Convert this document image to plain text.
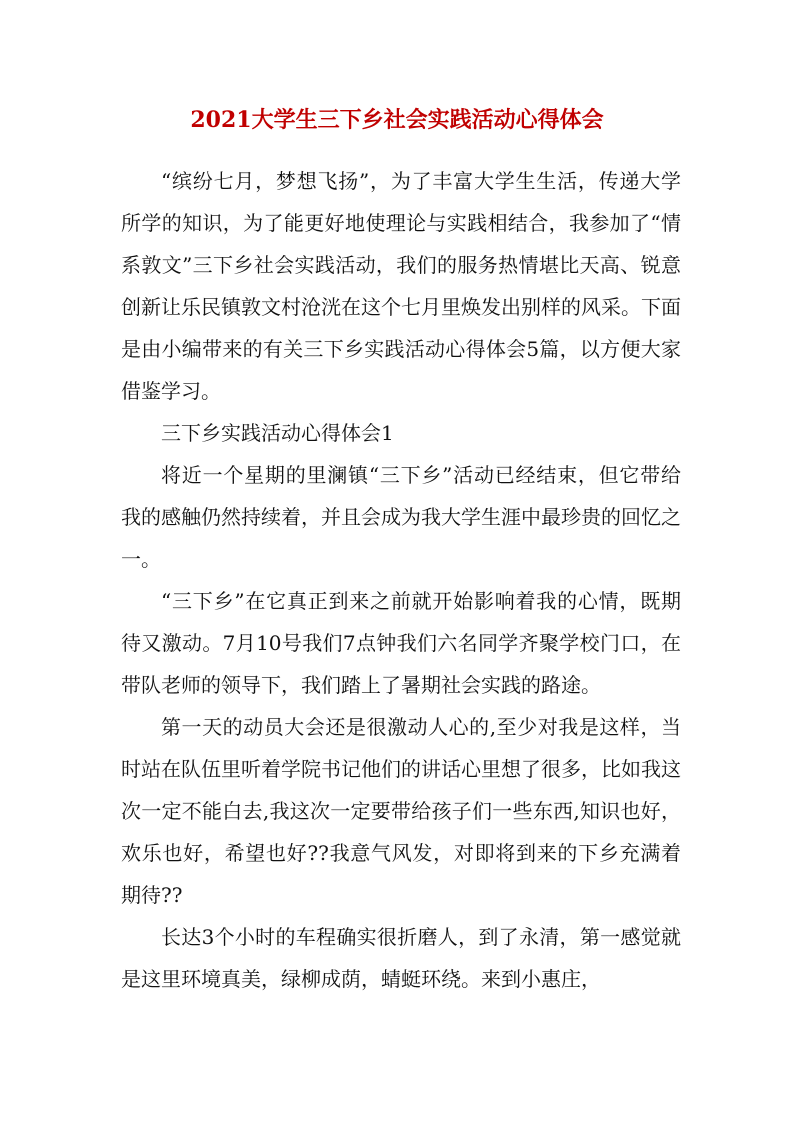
2021大学生三下乡社会实践活动心得体会

“缤纷七月，梦想飞扬”，为了丰富大学生生活，传递大学所学的知识，为了能更好地使理论与实践相结合，我参加了“情系敦文”三下乡社会实践活动，我们的服务热情堪比天高、锐意创新让乐民镇敦文村沧洸在这个七月里焕发出别样的风采。下面是由小编带来的有关三下乡实践活动心得体会5篇，以方便大家借鉴学习。

三下乡实践活动心得体会1

将近一个星期的里澜镇“三下乡”活动已经结束，但它带给我的感触仍然持续着，并且会成为我大学生涯中最珍贵的回忆之一。

“三下乡”在它真正到来之前就开始影响着我的心情，既期待又激动。7月10号我们7点钟我们六名同学齐聚学校门口，在带队老师的领导下，我们踏上了暑期社会实践的路途。

第一天的动员大会还是很激动人心的,至少对我是这样，当时站在队伍里听着学院书记他们的讲话心里想了很多，比如我这次一定不能白去,我这次一定要带给孩子们一些东西,知识也好，欢乐也好，希望也好??我意气风发，对即将到来的下乡充满着期待??

长达3个小时的车程确实很折磨人，到了永清，第一感觉就是这里环境真美，绿柳成荫，蜻蜓环绕。来到小惠庄，
